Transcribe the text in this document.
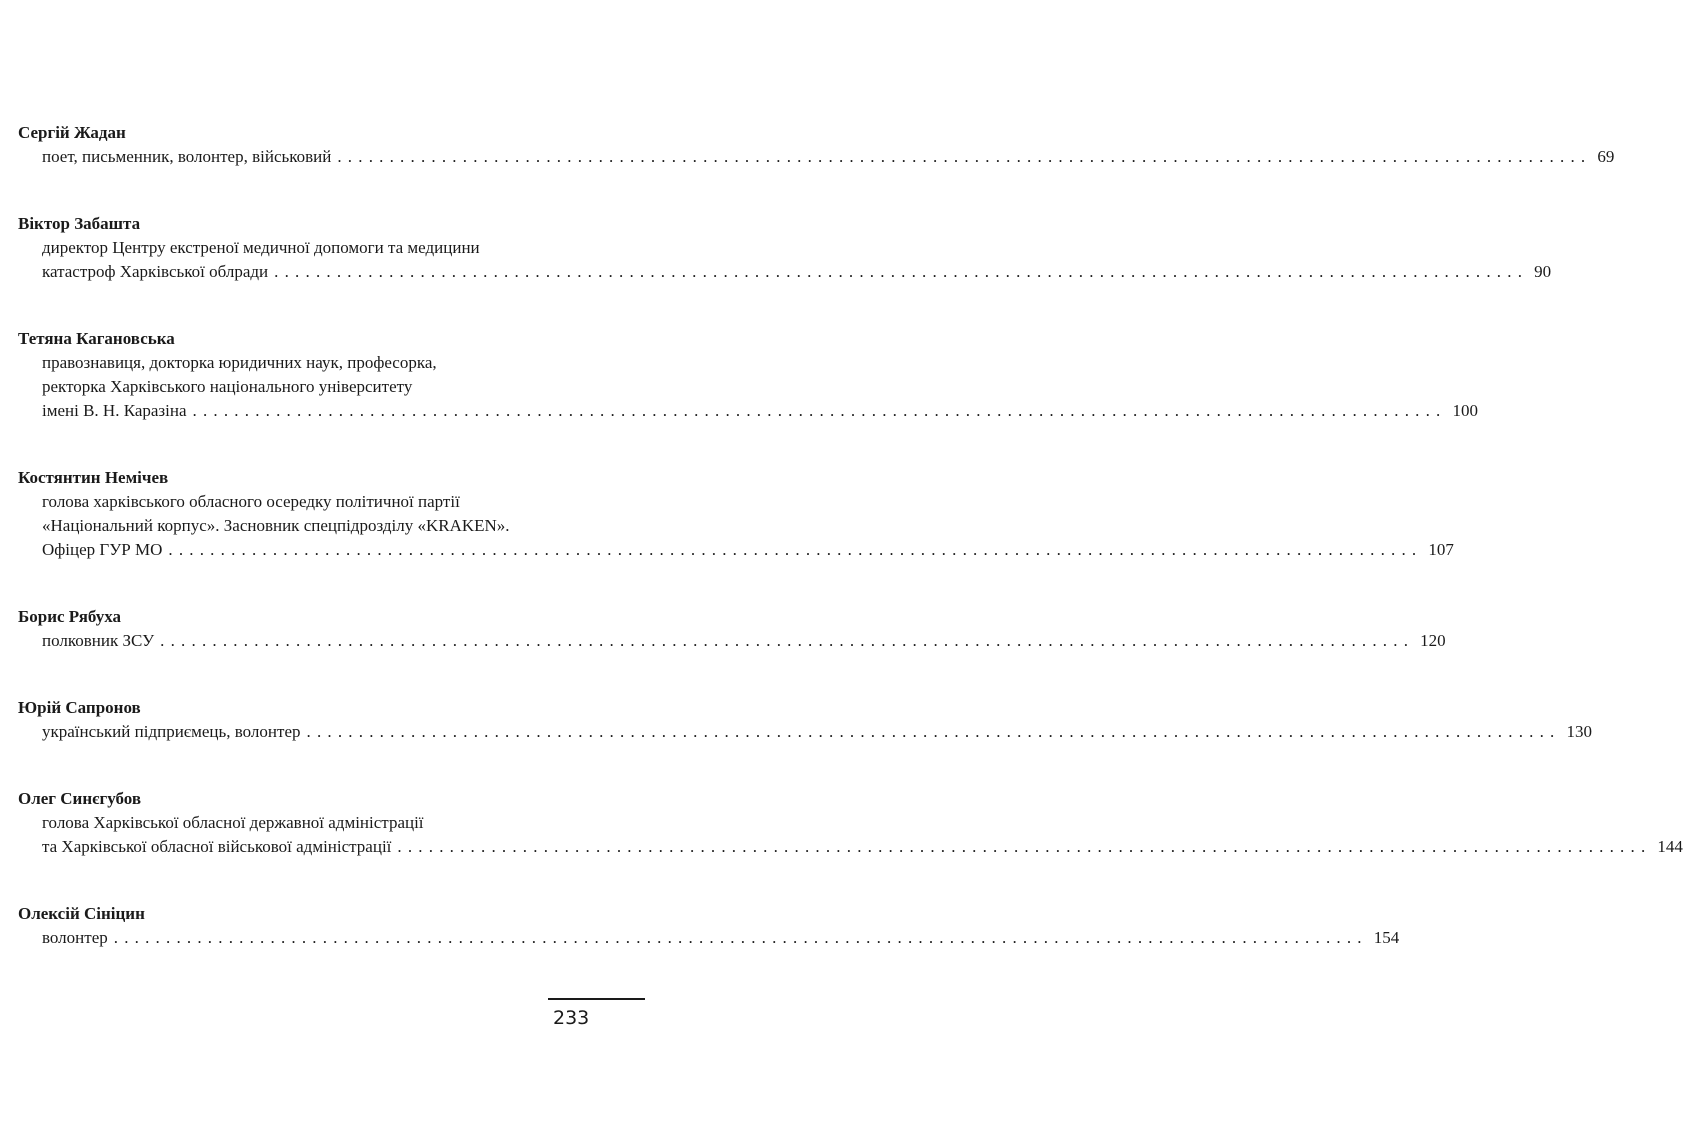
Сергій Жадан
поет, письменник, волонтер, військовий ........................................................................................................................ 69
Віктор Забашта
директор Центру екстреної медичної допомоги та медицини
катастроф Харківської облради ........................................................................................................................ 90
Тетяна Кагановська
правознавиця, докторка юридичних наук, професорка,
ректорка Харківського національного університету
імені В. Н. Каразіна ........................................................................................................................ 100
Костянтин Немічев
голова харківського обласного осередку політичної партії
«Національний корпус». Засновник спецпідрозділу «KRAKEN».
Офіцер ГУР МО ........................................................................................................................ 107
Борис Рябуха
полковник ЗСУ ........................................................................................................................ 120
Юрій Сапронов
український підприємець, волонтер ........................................................................................................................ 130
Олег Синєгубов
голова Харківської обласної державної адміністрації
та Харківської обласної військової адміністрації ........................................................................................................................ 144
Олексій Сініцин
волонтер ........................................................................................................................ 154
233
